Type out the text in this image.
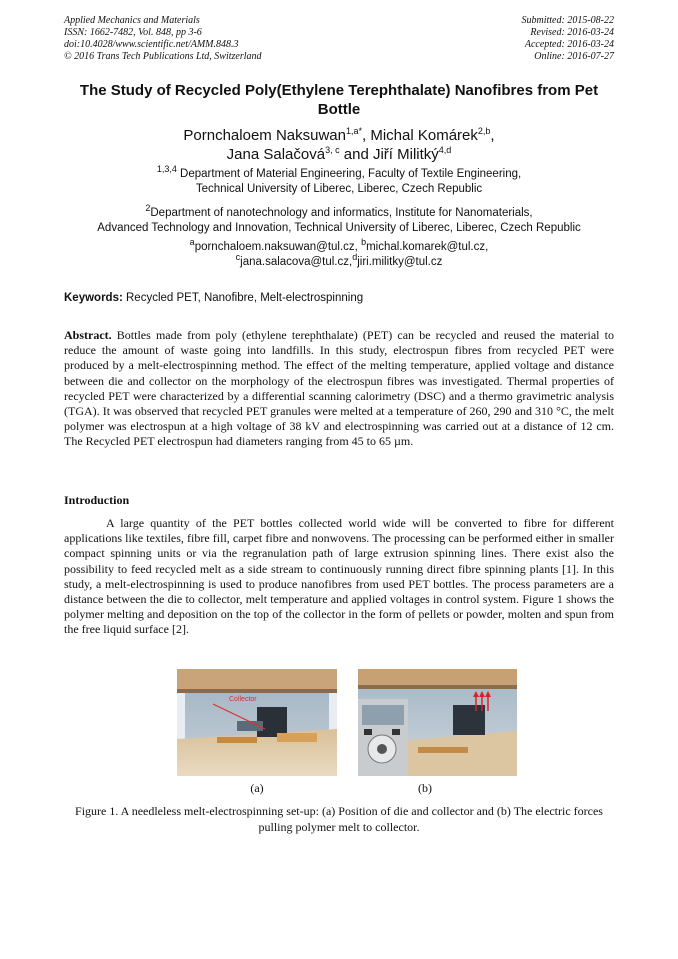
Applied Mechanics and Materials
ISSN: 1662-7482, Vol. 848, pp 3-6
doi:10.4028/www.scientific.net/AMM.848.3
© 2016 Trans Tech Publications Ltd, Switzerland
Submitted: 2015-08-22
Revised: 2016-03-24
Accepted: 2016-03-24
Online: 2016-07-27
The Study of Recycled Poly(Ethylene Terephthalate) Nanofibres from Pet Bottle
Pornchaloem Naksuwan$^{1,a*}$, Michal Komárek$^{2,b}$,
Jana Salačová$^{3, c}$ and Jiří Militký$^{4,d}$
$^{1,3,4}$ Department of Material Engineering, Faculty of Textile Engineering,
Technical University of Liberec, Liberec, Czech Republic
$^2$Department of nanotechnology and informatics, Institute for Nanomaterials,
Advanced Technology and Innovation, Technical University of Liberec, Liberec, Czech Republic
$^a$pornchaloem.naksuwan@tul.cz, $^b$michal.komarek@tul.cz,
$^c$jana.salacova@tul.cz,$^d$jiri.militky@tul.cz
Keywords: Recycled PET, Nanofibre, Melt-electrospinning
Abstract. Bottles made from poly (ethylene terephthalate) (PET) can be recycled and reused the material to reduce the amount of waste going into landfills. In this study, electrospun fibres from recycled PET were produced by a melt-electrospinning method. The effect of the melting temperature, applied voltage and distance between die and collector on the morphology of the electrospun fibres was investigated. Thermal properties of recycled PET were characterized by a differential scanning calorimetry (DSC) and a thermo gravimetric analysis (TGA). It was observed that recycled PET granules were melted at a temperature of 260, 290 and 310 °C, the melt polymer was electrospun at a high voltage of 38 kV and electrospinning was carried out at a distance of 12 cm. The Recycled PET electrospun had diameters ranging from 45 to 65 µm.
Introduction
A large quantity of the PET bottles collected world wide will be converted to fibre for different applications like textiles, fibre fill, carpet fibre and nonwovens. The processing can be performed either in smaller compact spinning units or via the regranulation path of large extrusion spinning lines. There exist also the possibility to feed recycled melt as a side stream to continuously running direct fibre spinning plants [1]. In this study, a melt-electrospinning is used to produce nanofibres from used PET bottles. The process parameters are a distance between the die to collector, melt temperature and applied voltages in control system. Figure 1 shows the polymer melting and deposition on the top of the collector in the form of pellets or powder, molten and spun from the free liquid surface [2].
Collector
(a)	(b)
Figure 1. A needleless melt-electrospinning set-up: (a) Position of die and collector and (b) The electric forces pulling polymer melt to collector.
